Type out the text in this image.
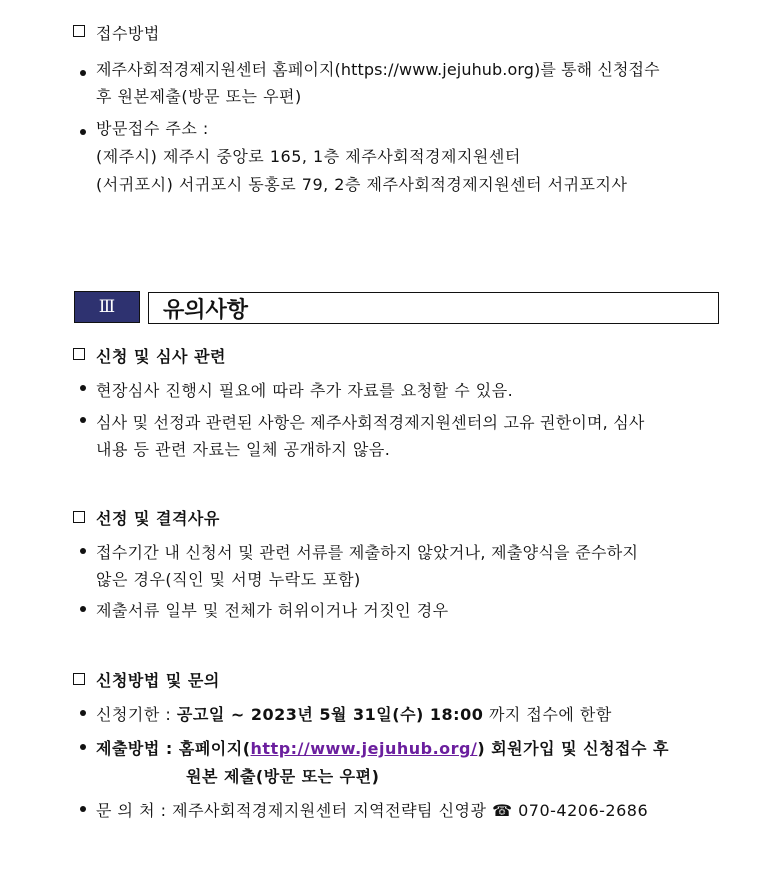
접수방법
제주사회적경제지원센터 홈페이지(https://www.jejuhub.org)를 통해 신청접수
후 원본제출(방문 또는 우편)
방문접수 주소 :
(제주시) 제주시 중앙로 165, 1층 제주사회적경제지원센터
(서귀포시) 서귀포시 동홍로 79, 2층 제주사회적경제지원센터 서귀포지사
Ⅲ	유의사항
신청 및 심사 관련
현장심사 진행시 필요에 따라 추가 자료를 요청할 수 있음.
심사 및 선정과 관련된 사항은 제주사회적경제지원센터의 고유 권한이며, 심사
내용 등 관련 자료는 일체 공개하지 않음.
선정 및 결격사유
접수기간 내 신청서 및 관련 서류를 제출하지 않았거나, 제출양식을 준수하지
않은 경우(직인 및 서명 누락도 포함)
제출서류 일부 및 전체가 허위이거나 거짓인 경우
신청방법 및 문의
신청기한 : 공고일 ~ 2023년 5월 31일(수) 18:00 까지 접수에 한함
제출방법 : 홈페이지(http://www.jejuhub.org/) 회원가입 및 신청접수 후
원본 제출(방문 또는 우편)
문 의 처 : 제주사회적경제지원센터 지역전략팀 신영광 ☎ 070-4206-2686
